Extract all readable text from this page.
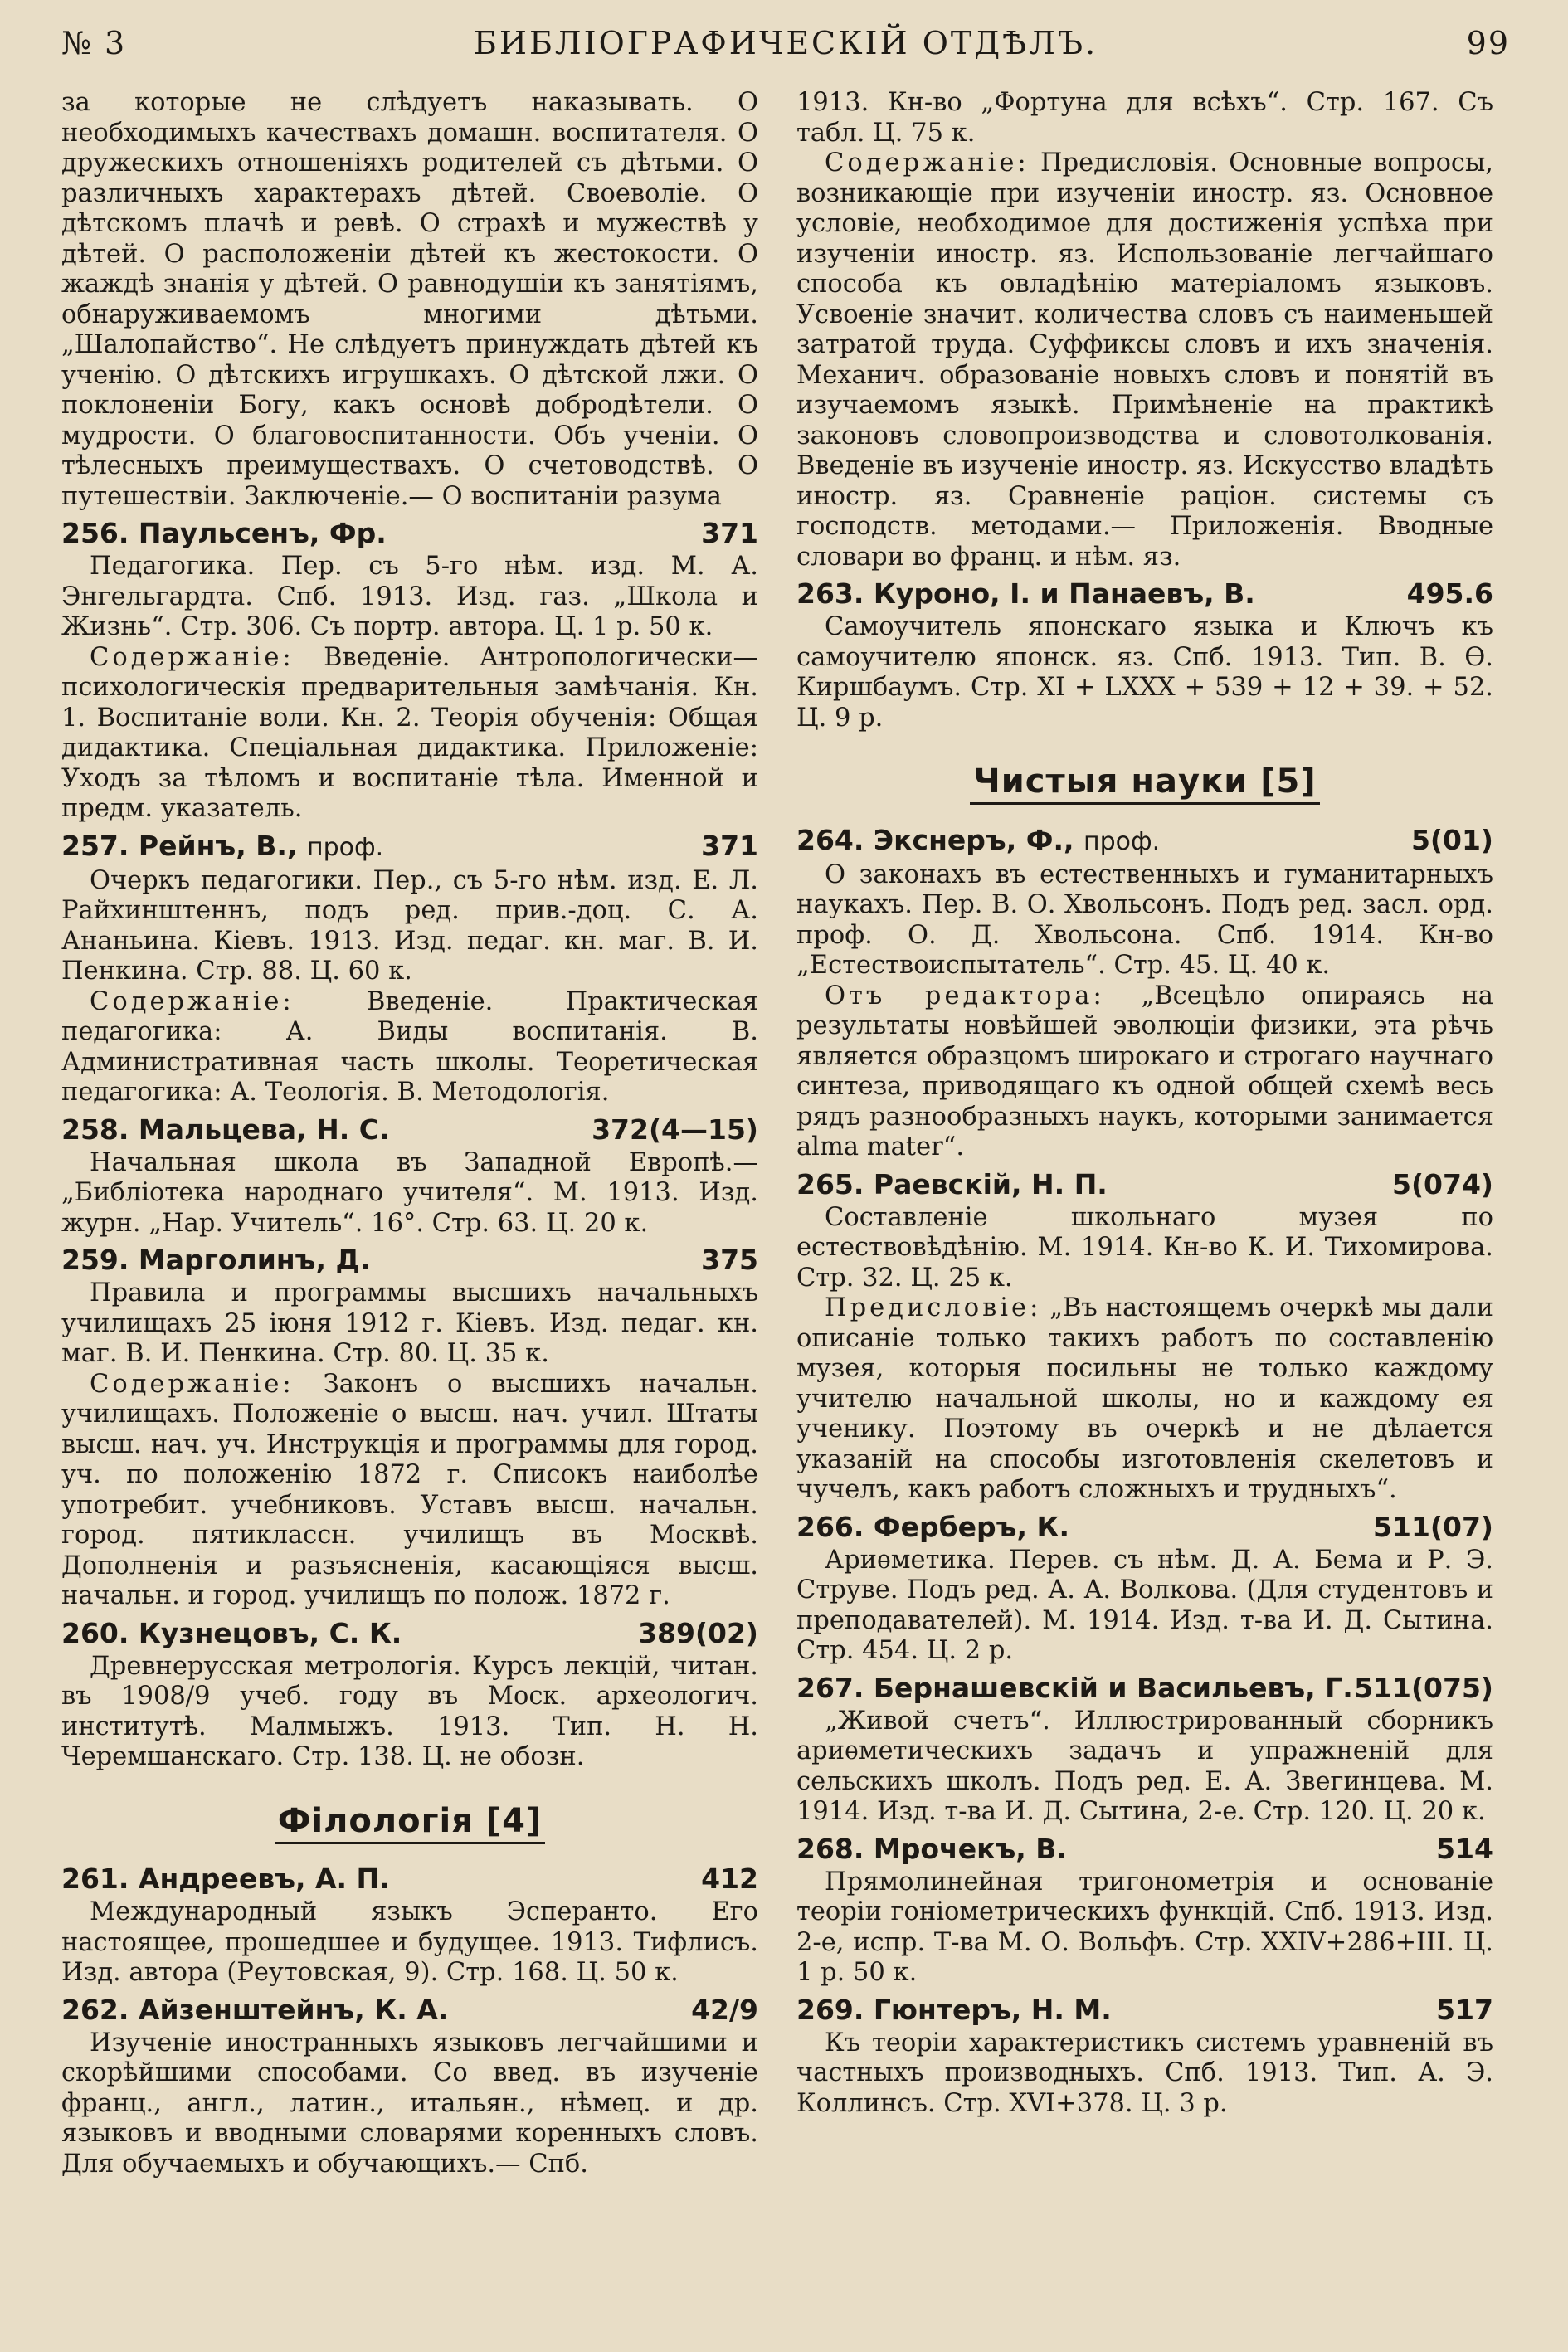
№ 3	БИБЛІОГРАФИЧЕСКІЙ ОТДѢЛЪ.	99

за которые не слѣдуетъ наказывать. О необходимыхъ качествахъ домашн. воспитателя. О дружескихъ отношеніяхъ родителей съ дѣтьми. О различныхъ характерахъ дѣтей. Своеволіе. О дѣтскомъ плачѣ и ревѣ. О страхѣ и мужествѣ у дѣтей. О расположеніи дѣтей къ жестокости. О жаждѣ знанія у дѣтей. О равнодушіи къ занятіямъ, обнаруживаемомъ многими дѣтьми. „Шалопайство“. Не слѣдуетъ принуждать дѣтей къ ученію. О дѣтскихъ игрушкахъ. О дѣтской лжи. О поклоненіи Богу, какъ основѣ добродѣтели. О мудрости. О благовоспитанности. Объ ученіи. О тѣлесныхъ преимуществахъ. О счетоводствѣ. О путешествіи. Заключеніе.— О воспитаніи разума

256. Паульсенъ, Фр.	371

Педагогика. Пер. съ 5-го нѣм. изд. М. А. Энгельгардта. Спб. 1913. Изд. газ. „Школа и Жизнь“. Стр. 306. Съ портр. автора. Ц. 1 р. 50 к.

Содержаніе: Введеніе. Антропологически—психологическія предварительныя замѣчанія. Кн. 1. Воспитаніе воли. Кн. 2. Теорія обученія: Общая дидактика. Спеціальная дидактика. Приложеніе: Уходъ за тѣломъ и воспитаніе тѣла. Именной и предм. указатель.

257. Рейнъ, В., проф.	371

Очеркъ педагогики. Пер., съ 5-го нѣм. изд. Е. Л. Райхинштеннъ, подъ ред. прив.-доц. С. А. Ананьина. Кіевъ. 1913. Изд. педаг. кн. маг. В. И. Пенкина. Стр. 88. Ц. 60 к.

Содержаніе:	Введеніе. Практическая педагогика: А. Виды воспитанія. В. Административная часть школы. Теоретическая педагогика: А. Теологія. В. Методологія.

258. Мальцева, Н. С.	372(4—15)

Начальная школа въ Западной Европѣ.—„Библіотека народнаго учителя“. М. 1913. Изд. журн. „Нар. Учитель“. 16°. Стр. 63. Ц. 20 к.

259. Марголинъ, Д.	375

Правила и программы высшихъ начальныхъ училищахъ 25 іюня 1912 г. Кіевъ. Изд. педаг. кн. маг. В. И. Пенкина. Стр. 80. Ц. 35 к.

Содержаніе: Законъ о высшихъ начальн. училищахъ. Положеніе о высш. нач. учил. Штаты высш. нач. уч. Инструкція и программы для город. уч. по положенію 1872 г. Списокъ наиболѣе употребит. учебниковъ. Уставъ высш. начальн. город. пятиклассн. училищъ въ Москвѣ. Дополненія и разъясненія, касающіяся высш. начальн. и город. училищъ по полож. 1872 г.

260. Кузнецовъ, С. К.	389(02)

Древнерусская метрологія. Курсъ лекцій, читан. въ 1908/9 учеб. году въ Моск. археологич. институтѣ. Малмыжъ. 1913. Тип. Н. Н. Черемшанскаго. Стр. 138. Ц. не обозн.

Філологія [4]
261. Андреевъ, А. П.	412

Международный языкъ Эсперанто. Его настоящее, прошедшее и будущее. 1913. Тифлисъ. Изд. автора (Реутовская, 9). Стр. 168. Ц. 50 к.

262. Айзенштейнъ, К. А.	42/9

Изученіе иностранныхъ языковъ легчайшими и скорѣйшими способами. Со введ. въ изученіе франц., англ., латин., итальян., нѣмец. и др. языковъ и вводными словарями коренныхъ словъ. Для обучаемыхъ и обучающихъ.— Спб.

1913. Кн-во „Фортуна для всѣхъ“. Стр. 167. Съ табл. Ц. 75 к.

Содержаніе: Предисловія. Основные вопросы, возникающіе при изученіи иностр. яз. Основное условіе, необходимое для достиженія успѣха при изученіи иностр. яз. Использованіе легчайшаго способа къ овладѣнію матеріаломъ языковъ. Усвоеніе значит. количества словъ съ наименьшей затратой труда. Суффиксы словъ и ихъ значенія. Механич. образованіе новыхъ словъ и понятій въ изучаемомъ языкѣ. Примѣненіе на практикѣ законовъ словопроизводства и словотолкованія. Введеніе въ изученіе иностр. яз. Искусство владѣть иностр. яз. Сравненіе раціон. системы съ господств. методами.— Приложенія. Вводные словари во франц. и нѣм. яз.

263. Куроно, І. и Панаевъ, В.	495.6

Самоучитель японскаго языка и Ключъ къ самоучителю японск. яз. Спб. 1913. Тип. В. Ѳ. Киршбаумъ. Стр. XI + LXXX + 539 + 12 + 39. + 52. Ц. 9 р.

Чистыя науки [5]
264. Экснеръ, Ф., проф.	5(01)

О законахъ въ естественныхъ и гуманитарныхъ наукахъ. Пер. В. О. Хвольсонъ. Подъ ред. засл. орд. проф. О. Д. Хвольсона. Спб. 1914. Кн-во „Естествоиспытатель“. Стр. 45. Ц. 40 к.

Отъ редактора: „Всецѣло опираясь на результаты новѣйшей эволюціи физики, эта рѣчь является образцомъ широкаго и строгаго научнаго синтеза, приводящаго къ одной общей схемѣ весь рядъ разнообразныхъ наукъ, которыми занимается alma mater“.

265. Раевскій, Н. П.	5(074)

Составленіе школьнаго музея по естествовѣдѣнію. М. 1914. Кн-во К. И. Тихомирова. Стр. 32. Ц. 25 к.

Предисловіе: „Въ настоящемъ очеркѣ мы дали описаніе только такихъ работъ по составленію музея, которыя посильны не только каждому учителю начальной школы, но и каждому ея ученику. Поэтому въ очеркѣ и не дѣлается указаній на способы изготовленія скелетовъ и чучелъ, какъ работъ сложныхъ и трудныхъ“.

266. Ферберъ, К.	511(07)

Ариѳметика. Перев. съ нѣм. Д. А. Бема и Р. Э. Струве. Подъ ред. А. А. Волкова. (Для студентовъ и преподавателей). М. 1914. Изд. т-ва И. Д. Сытина. Стр. 454. Ц. 2 р.

267. Бернашевскій и Васильевъ, Г. 511(075)

„Живой счетъ“. Иллюстрированный сборникъ ариѳметическихъ задачъ и упражненій для сельскихъ школъ. Подъ ред. Е. А. Звегинцева. М. 1914. Изд. т-ва И. Д. Сытина, 2-е. Стр. 120. Ц. 20 к.

268. Мрочекъ, В.	514

Прямолинейная тригонометрія и основаніе теоріи гоніометрическихъ функцій. Спб. 1913. Изд. 2-е, испр. Т-ва М. О. Вольфъ. Стр. XXIV+286+III. Ц. 1 р. 50 к.

269. Гюнтеръ, Н. М.	517

Къ теоріи характеристикъ системъ уравненій въ частныхъ производныхъ. Спб. 1913. Тип. А. Э. Коллинсъ. Стр. XVI+378. Ц. 3 р.
